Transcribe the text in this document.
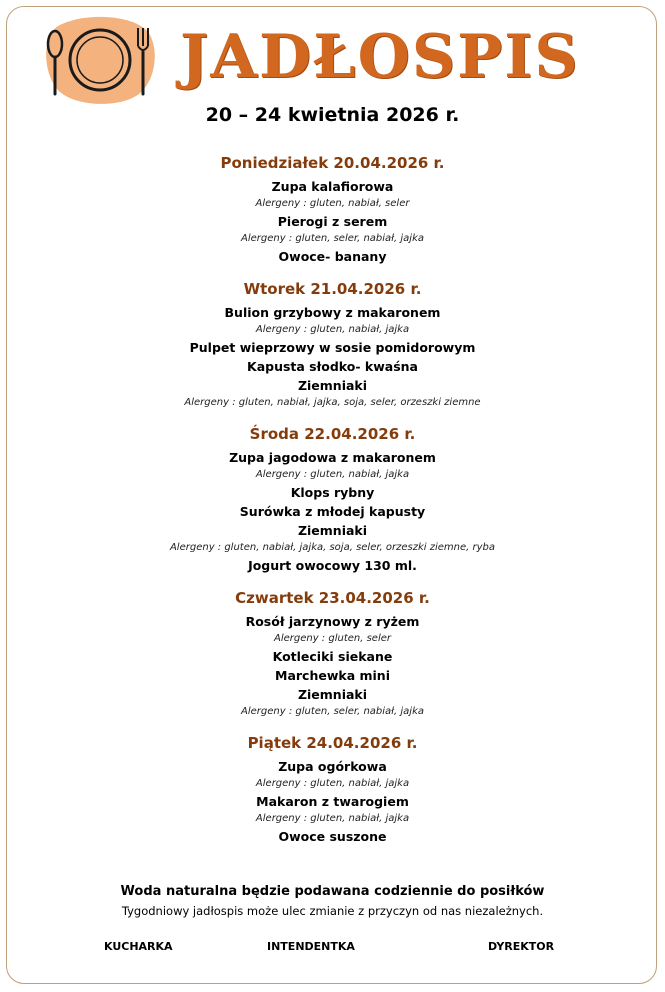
JADŁOSPIS
20 – 24 kwietnia 2026 r.
Poniedziałek 20.04.2026 r.
Zupa kalafiorowa
Alergeny : gluten, nabiał, seler
Pierogi z serem
Alergeny : gluten, seler, nabiał, jajka
Owoce- banany
Wtorek 21.04.2026 r.
Bulion grzybowy z makaronem
Alergeny : gluten, nabiał, jajka
Pulpet wieprzowy w sosie pomidorowym
Kapusta słodko- kwaśna
Ziemniaki
Alergeny : gluten, nabiał, jajka, soja, seler, orzeszki ziemne
Środa 22.04.2026 r.
Zupa jagodowa z makaronem
Alergeny : gluten, nabiał, jajka
Klops rybny
Surówka z młodej kapusty
Ziemniaki
Alergeny : gluten, nabiał, jajka, soja, seler, orzeszki ziemne, ryba
Jogurt owocowy 130 ml.
Czwartek 23.04.2026 r.
Rosół jarzynowy z ryżem
Alergeny : gluten, seler
Kotleciki siekane
Marchewka mini
Ziemniaki
Alergeny : gluten, seler, nabiał, jajka
Piątek 24.04.2026 r.
Zupa ogórkowa
Alergeny : gluten, nabiał, jajka
Makaron z twarogiem
Alergeny : gluten, nabiał, jajka
Owoce suszone
Woda naturalna będzie podawana codziennie do posiłków
Tygodniowy jadłospis może ulec zmianie z przyczyn od nas niezależnych.
KUCHARKA	INTENDENTKA	DYREKTOR
